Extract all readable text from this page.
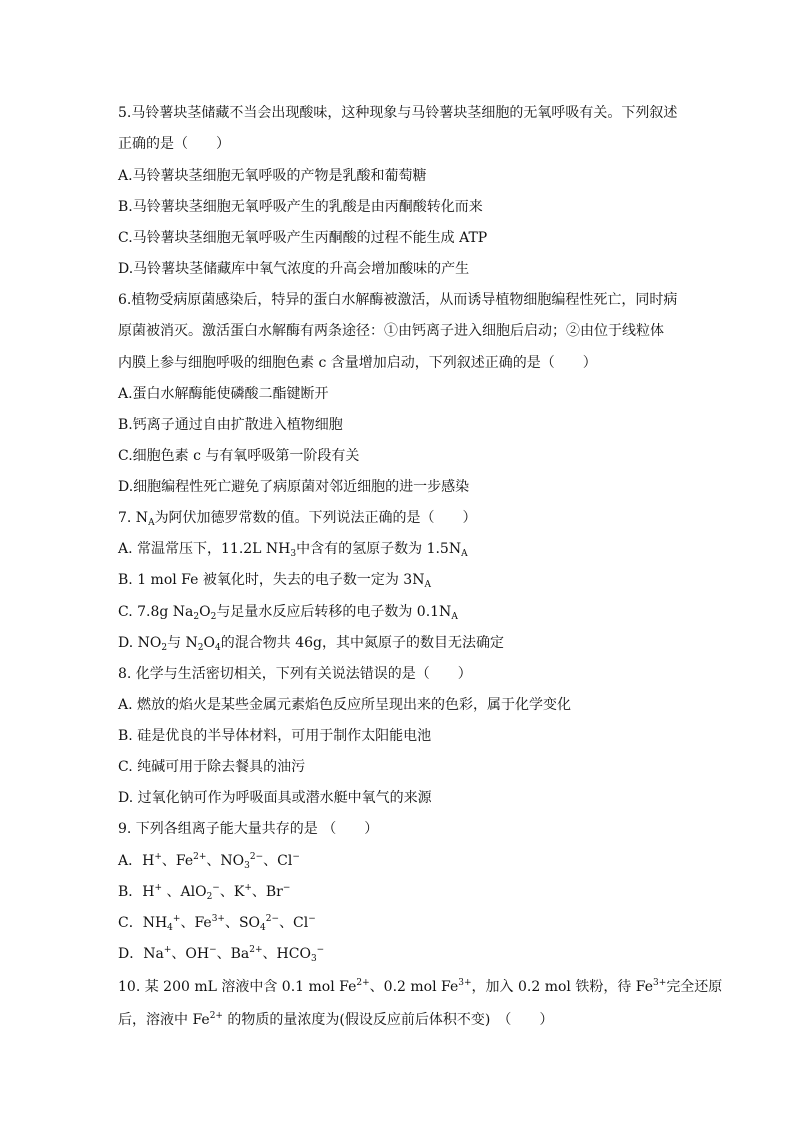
5.马铃薯块茎储藏不当会出现酸味，这种现象与马铃薯块茎细胞的无氧呼吸有关。下列叙述
正确的是（　　）
A.马铃薯块茎细胞无氧呼吸的产物是乳酸和葡萄糖
B.马铃薯块茎细胞无氧呼吸产生的乳酸是由丙酮酸转化而来
C.马铃薯块茎细胞无氧呼吸产生丙酮酸的过程不能生成 ATP
D.马铃薯块茎储藏库中氧气浓度的升高会增加酸味的产生
6.植物受病原菌感染后，特异的蛋白水解酶被激活，从而诱导植物细胞编程性死亡，同时病
原菌被消灭。激活蛋白水解酶有两条途径：①由钙离子进入细胞后启动；②由位于线粒体
内膜上参与细胞呼吸的细胞色素 c 含量增加启动，下列叙述正确的是（　　）
A.蛋白水解酶能使磷酸二酯键断开
B.钙离子通过自由扩散进入植物细胞
C.细胞色素 c 与有氧呼吸第一阶段有关
D.细胞编程性死亡避免了病原菌对邻近细胞的进一步感染
7. $N_A$为阿伏加德罗常数的值。下列说法正确的是（　　）
A. 常温常压下，11.2L $NH_3$中含有的氢原子数为 $1.5N_A$
B. 1 mol Fe 被氧化时，失去的电子数一定为 $3N_A$
C. 7.8g $Na_2O_2$与足量水反应后转移的电子数为 $0.1N_A$
D. $NO_2$与 $N_2O_4$的混合物共 46g，其中氮原子的数目无法确定
8. 化学与生活密切相关，下列有关说法错误的是（　　）
A. 燃放的焰火是某些金属元素焰色反应所呈现出来的色彩，属于化学变化
B. 硅是优良的半导体材料，可用于制作太阳能电池
C. 纯碱可用于除去餐具的油污
D. 过氧化钠可作为呼吸面具或潜水艇中氧气的来源
9. 下列各组离子能大量共存的是 （　　）
A．H+、$Fe^{2+}$、$NO_3^{2-}$、Cl−
B．H+ 、AlO$_2$−、K+、Br−
C．$NH_4^+$、$Fe^{3+}$、$SO_4^{2-}$、Cl−
D．Na+、OH−、$Ba^{2+}$、$HCO_3^-$
10. 某 200 mL 溶液中含 0.1 mol $Fe^{2+}$、0.2 mol $Fe^{3+}$，加入 0.2 mol 铁粉，待 $Fe^{3+}$完全还原
后，溶液中 $Fe^{2+}$ 的物质的量浓度为(假设反应前后体积不变)　（　　）
